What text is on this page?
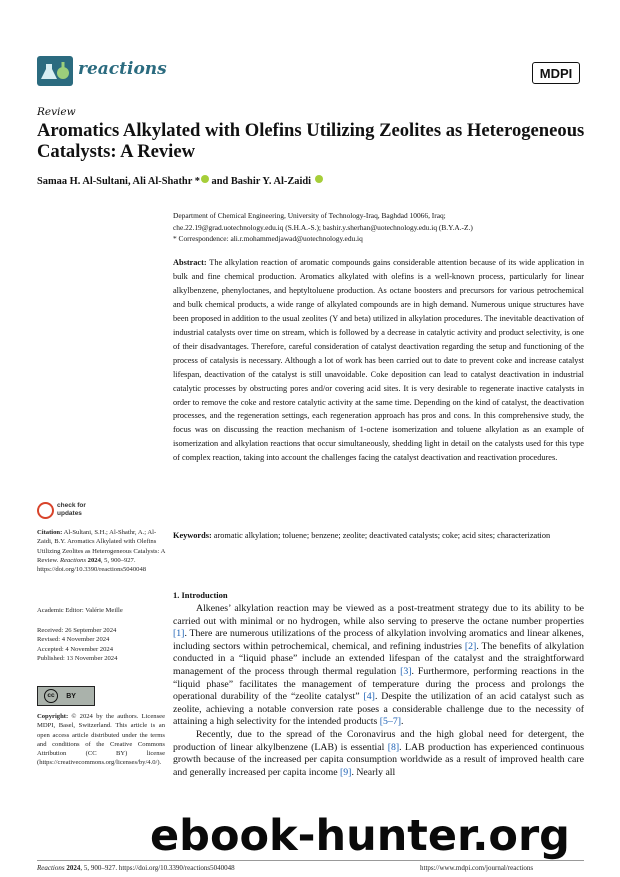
reactions	MDPI
Review
Aromatics Alkylated with Olefins Utilizing Zeolites as Heterogeneous Catalysts: A Review
Samaa H. Al-Sultani, Ali Al-Shathr * and Bashir Y. Al-Zaidi
Department of Chemical Engineering, University of Technology-Iraq, Baghdad 10066, Iraq;
che.22.19@grad.uotechnology.edu.iq (S.H.A.-S.); bashir.y.sherhan@uotechnology.edu.iq (B.Y.A.-Z.)
* Correspondence: ali.r.mohammedjawad@uotechnology.edu.iq
Abstract: The alkylation reaction of aromatic compounds gains considerable attention because of its wide application in bulk and fine chemical production. Aromatics alkylated with olefins is a well-known process, particularly for linear alkylbenzene, phenyloctanes, and heptyltoluene production. As octane boosters and precursors for various petrochemical and bulk chemical products, a wide range of alkylated compounds are in high demand. Numerous unique structures have been proposed in addition to the usual zeolites (Y and beta) utilized in alkylation procedures. The inevitable deactivation of industrial catalysts over time on stream, which is followed by a decrease in catalytic activity and product selectivity, is one of their disadvantages. Therefore, careful consideration of catalyst deactivation regarding the setup and functioning of the process of catalysis is necessary. Although a lot of work has been carried out to date to prevent coke and increase catalyst lifespan, deactivation of the catalyst is still unavoidable. Coke deposition can lead to catalyst deactivation in industrial catalytic processes by obstructing pores and/or covering acid sites. It is very desirable to regenerate inactive catalysts in order to remove the coke and restore catalytic activity at the same time. Depending on the kind of catalyst, the deactivation processes, and the regeneration settings, each regeneration approach has pros and cons. In this comprehensive study, the focus was on discussing the reaction mechanism of 1-octene isomerization and toluene alkylation as an example of isomerization and alkylation reactions that occur simultaneously, shedding light in detail on the catalysts used for this type of complex reaction, taking into account the challenges facing the catalyst deactivation and reactivation procedures.
Keywords: aromatic alkylation; toluene; benzene; zeolite; deactivated catalysts; coke; acid sites; characterization
1. Introduction

Alkenes’ alkylation reaction may be viewed as a post-treatment strategy due to its ability to be carried out with minimal or no hydrogen, while also serving to preserve the octane number properties [1]. There are numerous utilizations of the process of alkylation involving aromatics and linear alkenes, including sectors within petrochemical, chemical, and refining industries [2]. The benefits of alkylation conducted in a “liquid phase” include an extended lifespan of the catalyst and the straightforward management of the process through thermal regulation [3]. Furthermore, performing reactions in the “liquid phase” facilitates the management of temperature during the process and prolongs the operational durability of the “zeolite catalyst” [4]. Despite the utilization of an acid catalyst such as zeolite, achieving a notable conversion rate poses a considerable challenge due to the necessity of attaining a high selectivity for the intended products [5–7].

Recently, due to the spread of the Coronavirus and the high global need for detergent, the production of linear alkylbenzene (LAB) is essential [8]. LAB production has experienced continuous growth because of the increased per capita consumption worldwide as a result of improved health care and generally increased per capita income [9]. Nearly all

check for
updates
Citation: Al-Sultani, S.H.; Al-Shathr, A.; Al-Zaidi, B.Y. Aromatics Alkylated with Olefins Utilizing Zeolites as Heterogeneous Catalysts: A Review. Reactions 2024, 5, 900–927. https://doi.org/10.3390/reactions5040048
Academic Editor: Valérie Meille
Received: 26 September 2024
Revised: 4 November 2024
Accepted: 4 November 2024
Published: 13 November 2024
cc BY
Copyright: © 2024 by the authors. Licensee MDPI, Basel, Switzerland. This article is an open access article distributed under the terms and conditions of the Creative Commons Attribution (CC BY) license (https://creativecommons.org/licenses/by/4.0/).
Reactions 2024, 5, 900–927. https://doi.org/10.3390/reactions5040048	https://www.mdpi.com/journal/reactions
ebook-hunter.org
